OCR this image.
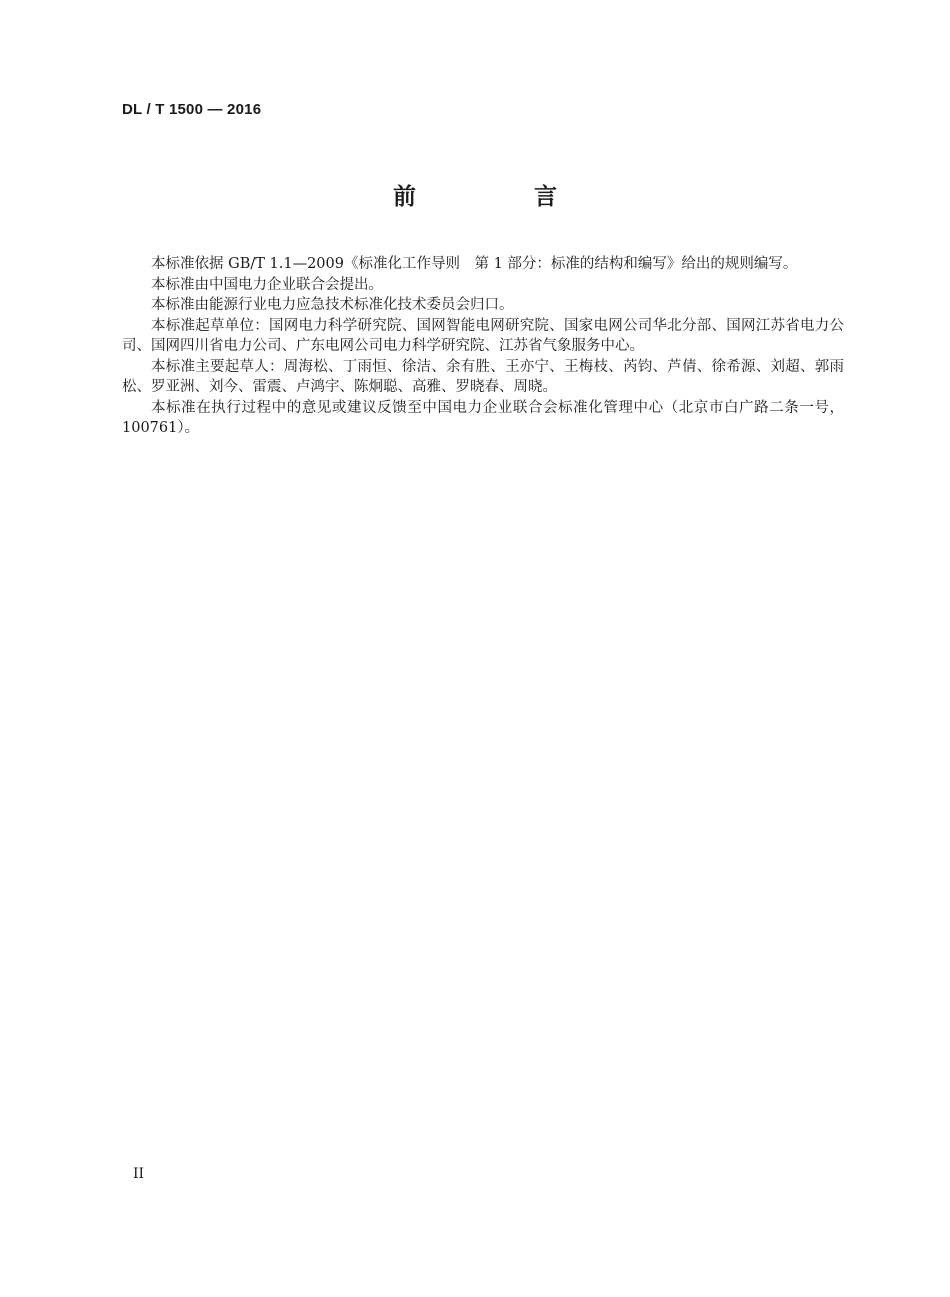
DL / T 1500 — 2016
前 言

本标准依据 GB/T 1.1—2009《标准化工作导则　第 1 部分：标准的结构和编写》给出的规则编写。

本标准由中国电力企业联合会提出。

本标准由能源行业电力应急技术标准化技术委员会归口。

本标准起草单位：国网电力科学研究院、国网智能电网研究院、国家电网公司华北分部、国网江苏省电力公司、国网四川省电力公司、广东电网公司电力科学研究院、江苏省气象服务中心。

本标准主要起草人：周海松、丁雨恒、徐洁、余有胜、王亦宁、王梅枝、芮钧、芦倩、徐希源、刘超、郭雨松、罗亚洲、刘今、雷震、卢鸿宇、陈炯聪、高雅、罗晓春、周晓。

本标准在执行过程中的意见或建议反馈至中国电力企业联合会标准化管理中心（北京市白广路二条一号，100761）。

II
